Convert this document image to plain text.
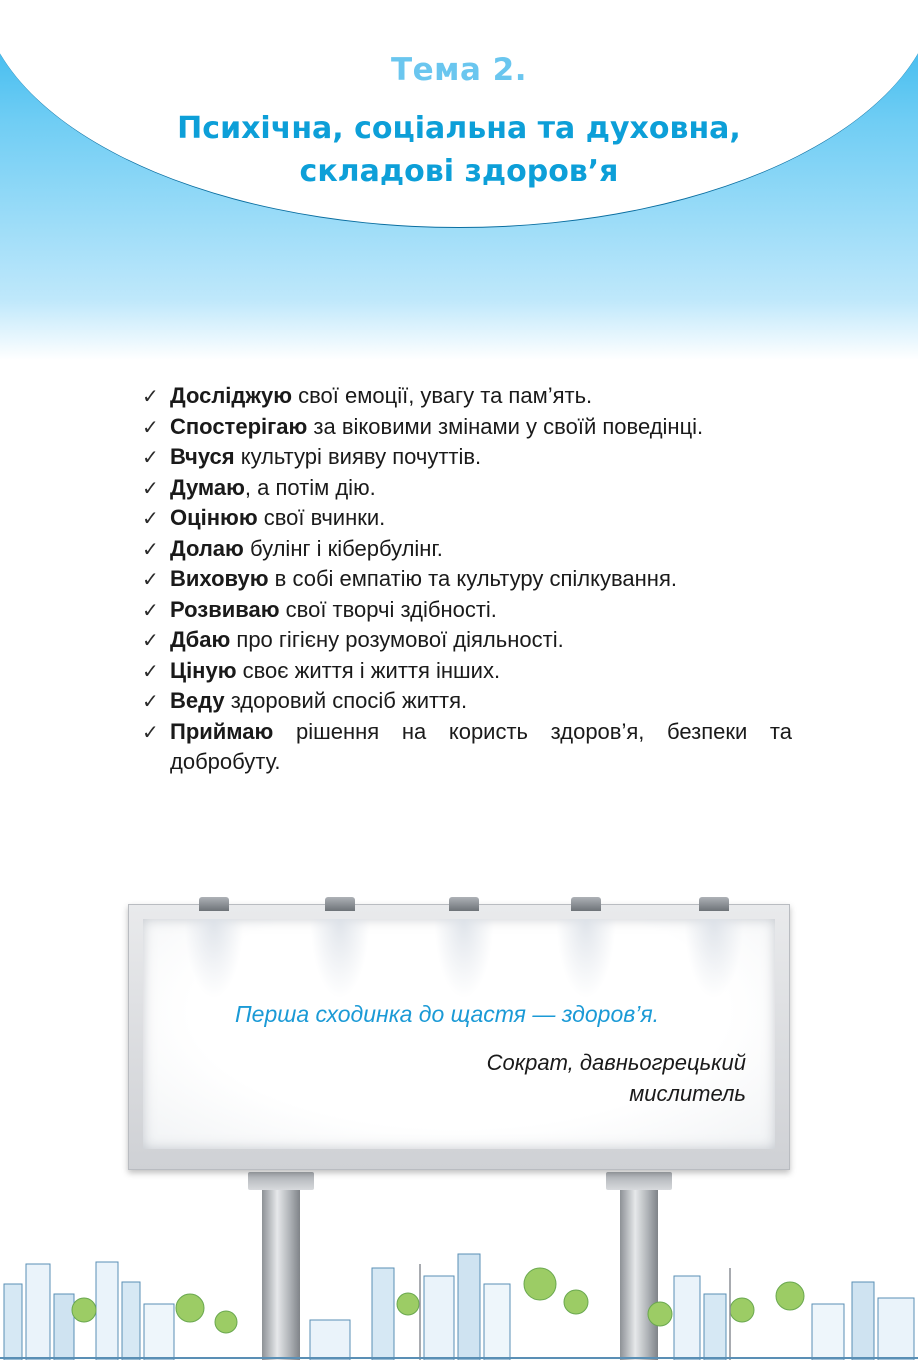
Тема 2.
Психічна, соціальна та духовна,
складові здоров’я
✓ Досліджую свої емоції, увагу та пам’ять.
✓ Спостерігаю за віковими змінами у своїй поведінці.
✓ Вчуся культурі вияву почуттів.
✓ Думаю, а потім дію.
✓ Оцінюю свої вчинки.
✓ Долаю булінг і кібербулінг.
✓ Виховую в собі емпатію та культуру спілкування.
✓ Розвиваю свої творчі здібності.
✓ Дбаю про гігієну розумової діяльності.
✓ Ціную своє життя і життя інших.
✓ Веду здоровий спосіб життя.
✓ Приймаю рішення на користь здоров’я, безпеки та добробуту.
Перша сходинка до щастя — здоров’я.
Сократ, давньогрецький
мислитель
